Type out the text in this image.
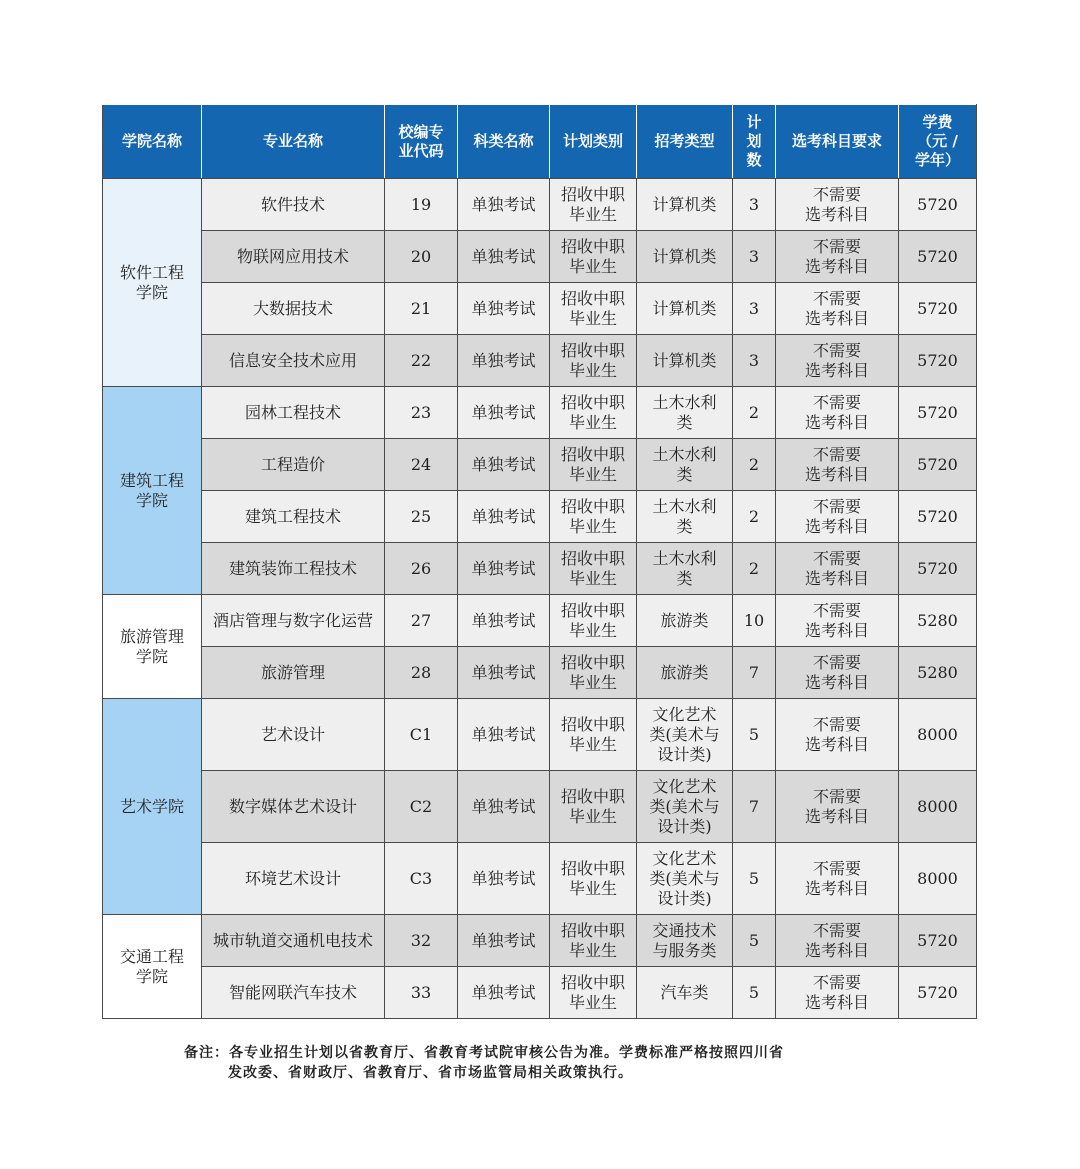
学院名称	专业名称	校编专
业代码	科类名称	计划类别	招考类型	计
划
数	选考科目要求	学费
（元 /
学年）
软件工程
学院	软件技术	19	单独考试	招收中职
毕业生	计算机类	3	不需要
选考科目	5720
	物联网应用技术	20	单独考试	招收中职
毕业生	计算机类	3	不需要
选考科目	5720
	大数据技术	21	单独考试	招收中职
毕业生	计算机类	3	不需要
选考科目	5720
	信息安全技术应用	22	单独考试	招收中职
毕业生	计算机类	3	不需要
选考科目	5720
建筑工程
学院	园林工程技术	23	单独考试	招收中职
毕业生	土木水利
类	2	不需要
选考科目	5720
	工程造价	24	单独考试	招收中职
毕业生	土木水利
类	2	不需要
选考科目	5720
	建筑工程技术	25	单独考试	招收中职
毕业生	土木水利
类	2	不需要
选考科目	5720
	建筑装饰工程技术	26	单独考试	招收中职
毕业生	土木水利
类	2	不需要
选考科目	5720
旅游管理
学院	酒店管理与数字化运营	27	单独考试	招收中职
毕业生	旅游类	10	不需要
选考科目	5280
	旅游管理	28	单独考试	招收中职
毕业生	旅游类	7	不需要
选考科目	5280
艺术学院	艺术设计	C1	单独考试	招收中职
毕业生	文化艺术
类(美术与
设计类)	5	不需要
选考科目	8000
	数字媒体艺术设计	C2	单独考试	招收中职
毕业生	文化艺术
类(美术与
设计类)	7	不需要
选考科目	8000
	环境艺术设计	C3	单独考试	招收中职
毕业生	文化艺术
类(美术与
设计类)	5	不需要
选考科目	8000
交通工程
学院	城市轨道交通机电技术	32	单独考试	招收中职
毕业生	交通技术
与服务类	5	不需要
选考科目	5720
	智能网联汽车技术	33	单独考试	招收中职
毕业生	汽车类	5	不需要
选考科目	5720
备注：各专业招生计划以省教育厅、省教育考试院审核公告为准。学费标准严格按照四川省
发改委、省财政厅、省教育厅、省市场监管局相关政策执行。
